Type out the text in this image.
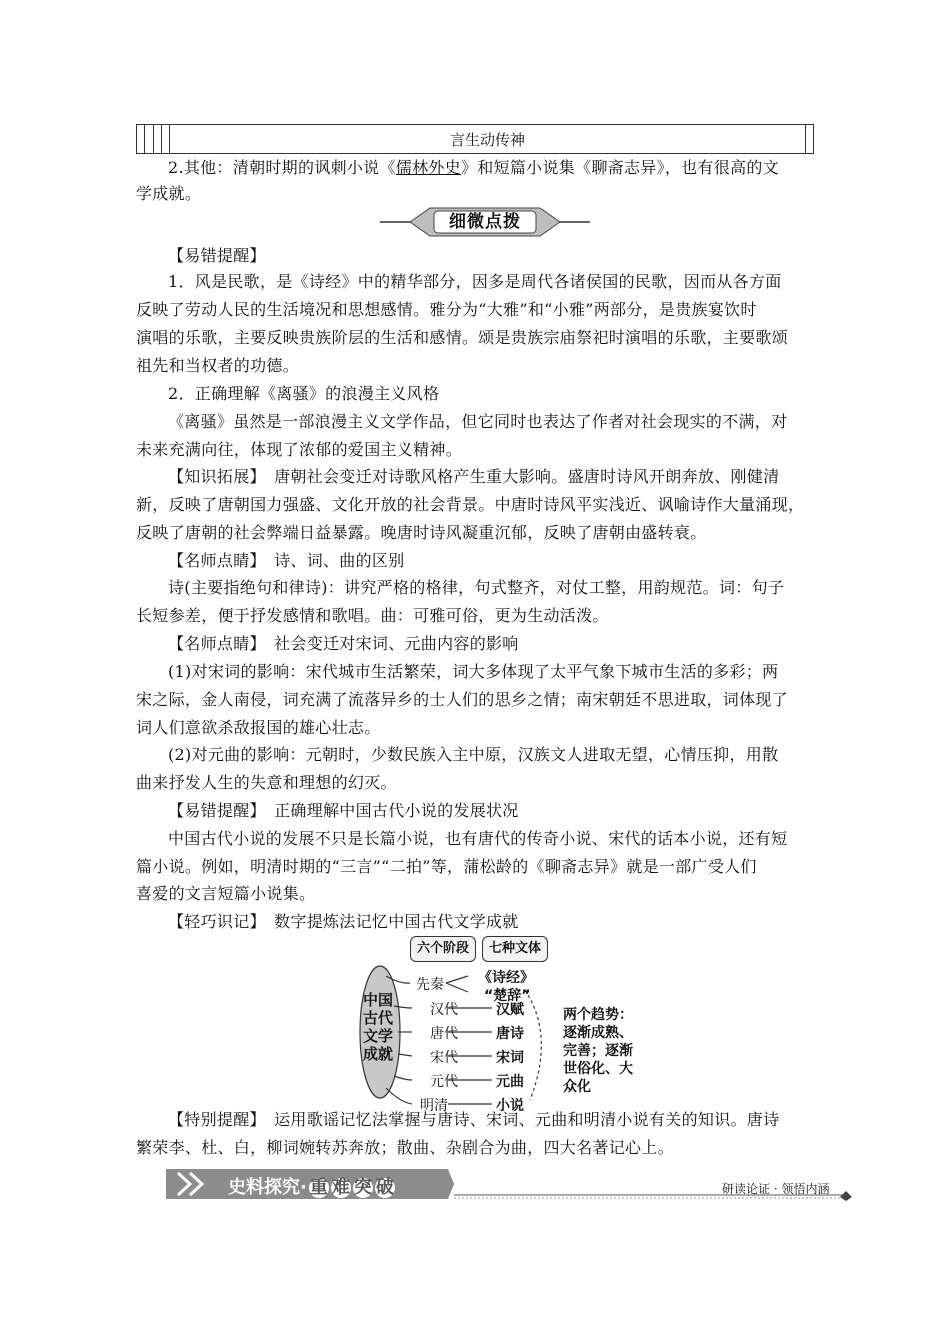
				言生动传神	

2.其他：清朝时期的讽刺小说《儒林外史》和短篇小说集《聊斋志异》，也有很高的文

学成就。

细微点拨

【易错提醒】

1．风是民歌，是《诗经》中的精华部分，因多是周代各诸侯国的民歌，因而从各方面

反映了劳动人民的生活境况和思想感情。雅分为“大雅”和“小雅”两部分，是贵族宴饮时

演唱的乐歌，主要反映贵族阶层的生活和感情。颂是贵族宗庙祭祀时演唱的乐歌，主要歌颂

祖先和当权者的功德。

2．正确理解《离骚》的浪漫主义风格

《离骚》虽然是一部浪漫主义文学作品，但它同时也表达了作者对社会现实的不满，对

未来充满向往，体现了浓郁的爱国主义精神。

【知识拓展】　唐朝社会变迁对诗歌风格产生重大影响。盛唐时诗风开朗奔放、刚健清

新，反映了唐朝国力强盛、文化开放的社会背景。中唐时诗风平实浅近、讽喻诗作大量涌现，

反映了唐朝的社会弊端日益暴露。晚唐时诗风凝重沉郁，反映了唐朝由盛转衰。

【名师点睛】　诗、词、曲的区别

诗(主要指绝句和律诗)：讲究严格的格律，句式整齐，对仗工整，用韵规范。词：句子

长短参差，便于抒发感情和歌唱。曲：可雅可俗，更为生动活泼。

【名师点睛】　社会变迁对宋词、元曲内容的影响

(1)对宋词的影响：宋代城市生活繁荣，词大多体现了太平气象下城市生活的多彩；两

宋之际，金人南侵，词充满了流落异乡的士人们的思乡之情；南宋朝廷不思进取，词体现了

词人们意欲杀敌报国的雄心壮志。

(2)对元曲的影响：元朝时，少数民族入主中原，汉族文人进取无望，心情压抑，用散

曲来抒发人生的失意和理想的幻灭。

【易错提醒】　正确理解中国古代小说的发展状况

中国古代小说的发展不只是长篇小说，也有唐代的传奇小说、宋代的话本小说，还有短

篇小说。例如，明清时期的“三言”“二拍”等，蒲松龄的《聊斋志异》就是一部广受人们

喜爱的文言短篇小说集。

【轻巧识记】　数字提炼法记忆中国古代文学成就

六个阶段	七种文体
先秦
汉代
唐代
宋代
元代
明清
《诗经》
“楚辞”
汉赋
唐诗
宋词
元曲
小说
中国古代文学成就
两个趋势：逐渐成熟、完善；逐渐世俗化、大众化

【特别提醒】　运用歌谣记忆法掌握与唐诗、宋词、元曲和明清小说有关的知识。唐诗

繁荣李、杜、白，柳词婉转苏奔放；散曲、杂剧合为曲，四大名著记心上。

史料探究· 重 难 突 破	研读论证 · 领悟内涵
